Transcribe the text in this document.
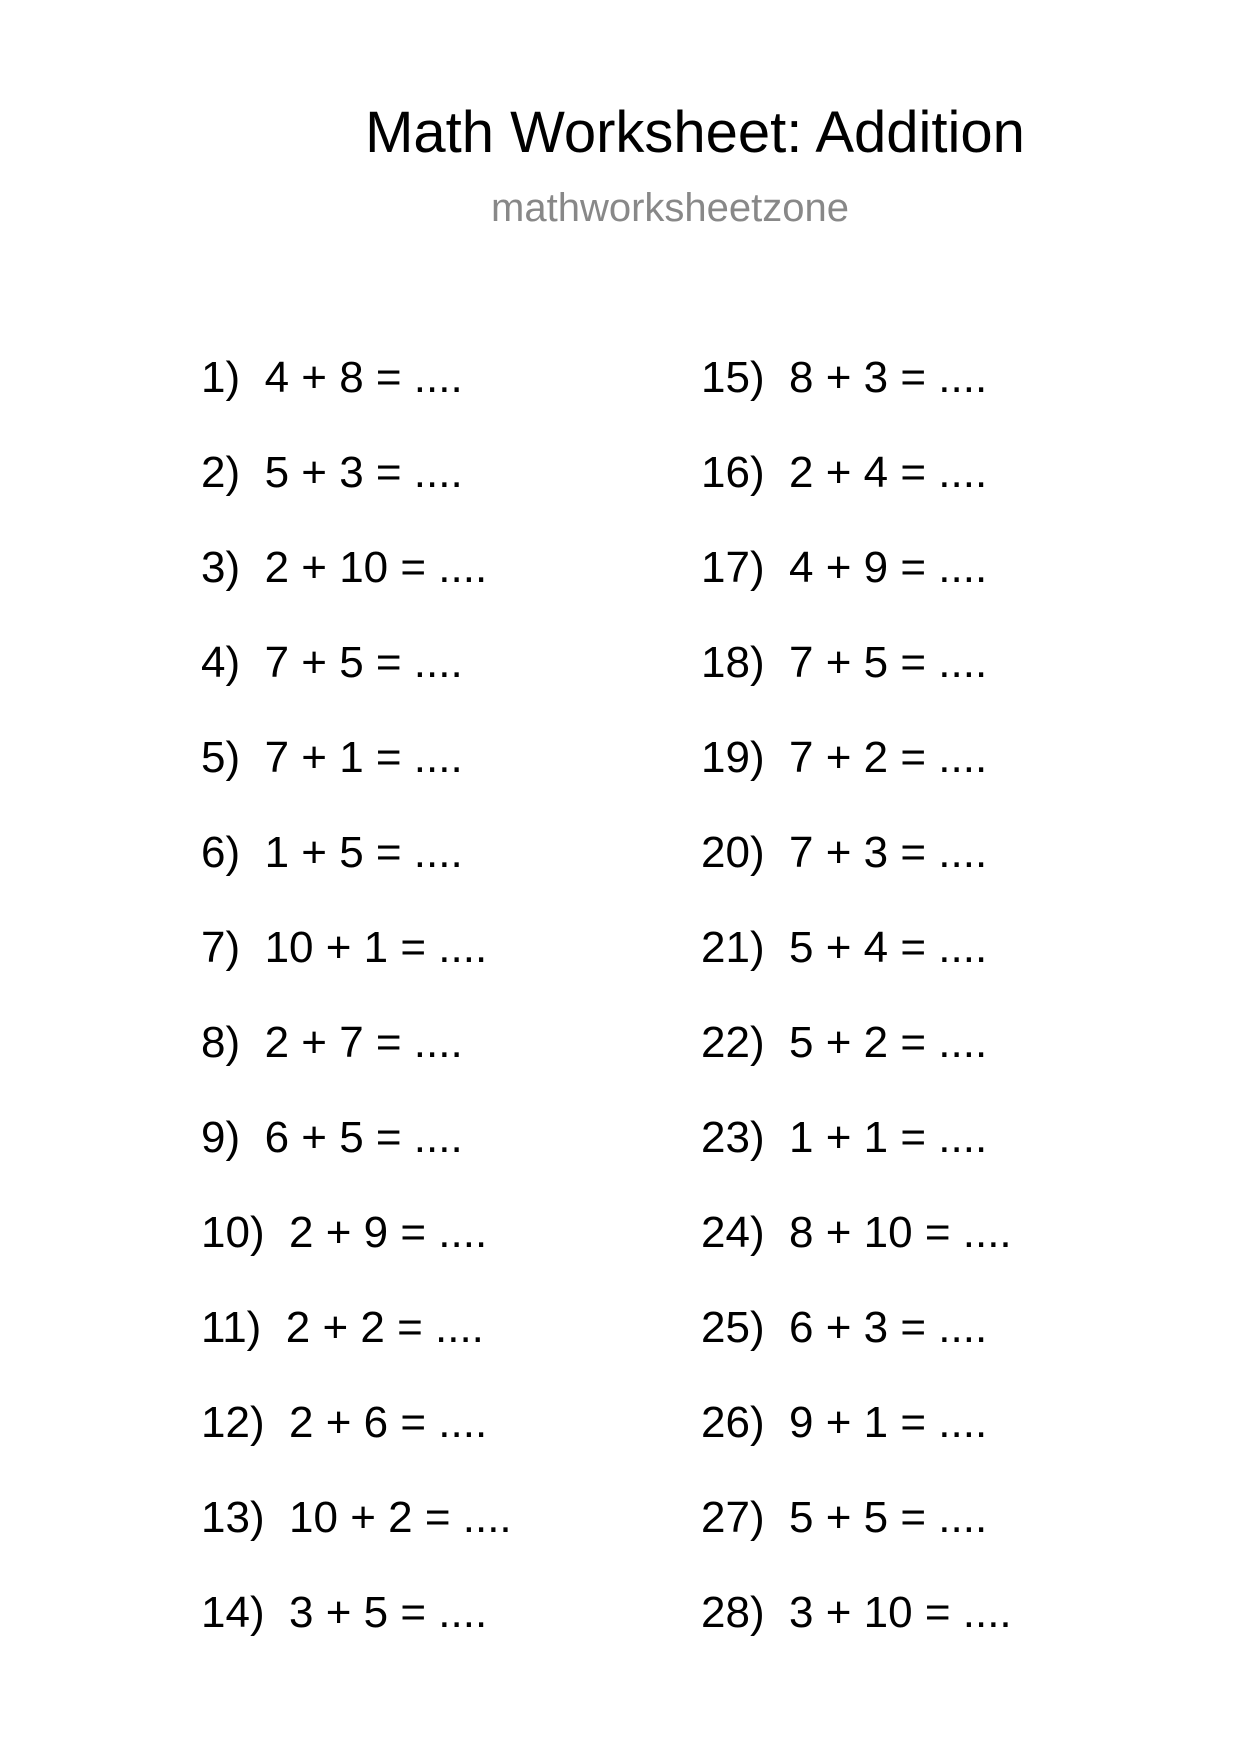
Math Worksheet: Addition
mathworksheetzone
1)  4 + 8 = ....
2)  5 + 3 = ....
3)  2 + 10 = ....
4)  7 + 5 = ....
5)  7 + 1 = ....
6)  1 + 5 = ....
7)  10 + 1 = ....
8)  2 + 7 = ....
9)  6 + 5 = ....
10)  2 + 9 = ....
11)  2 + 2 = ....
12)  2 + 6 = ....
13)  10 + 2 = ....
14)  3 + 5 = ....
15)  8 + 3 = ....
16)  2 + 4 = ....
17)  4 + 9 = ....
18)  7 + 5 = ....
19)  7 + 2 = ....
20)  7 + 3 = ....
21)  5 + 4 = ....
22)  5 + 2 = ....
23)  1 + 1 = ....
24)  8 + 10 = ....
25)  6 + 3 = ....
26)  9 + 1 = ....
27)  5 + 5 = ....
28)  3 + 10 = ....
